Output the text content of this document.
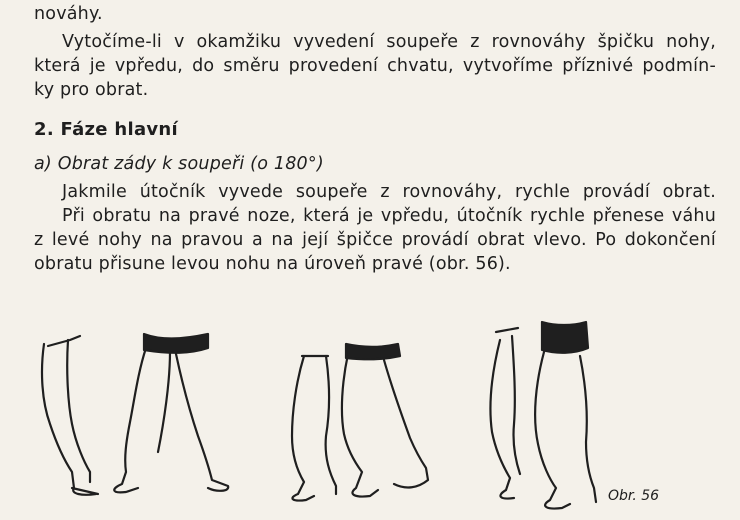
nováhy.
Vytočíme-li v okamžiku vyvedení soupeře z rovnováhy špičku nohy,
která je vpředu, do směru provedení chvatu, vytvoříme příznivé podmín-
ky pro obrat.
2. Fáze hlavní
a) Obrat zády k soupeři (o 180°)
Jakmile útočník vyvede soupeře z rovnováhy, rychle provádí obrat.
Při obratu na pravé noze, která je vpředu, útočník rychle přenese váhu
z levé nohy na pravou a na její špičce provádí obrat vlevo. Po dokončení
obratu přisune levou nohu na úroveň pravé (obr. 56).
Obr. 56
